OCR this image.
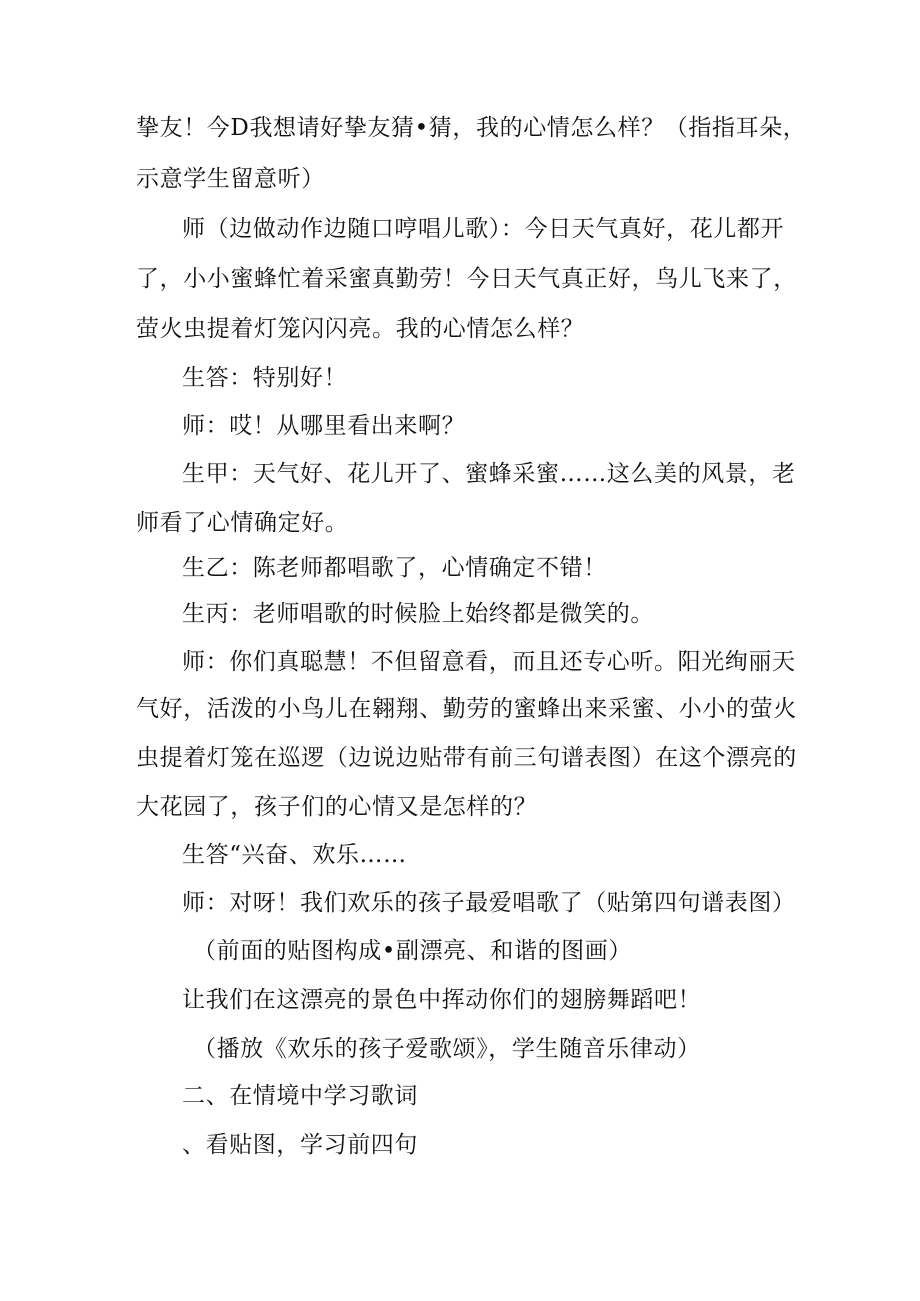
挚友！今D我想请好挚友猜•猜，我的心情怎么样？（指指耳朵，
示意学生留意听）
师（边做动作边随口哼唱儿歌）：今日天气真好，花儿都开
了，小小蜜蜂忙着采蜜真勤劳！今日天气真正好，鸟儿飞来了，
萤火虫提着灯笼闪闪亮。我的心情怎么样？
生答：特别好！
师：哎！从哪里看出来啊？
生甲：天气好、花儿开了、蜜蜂采蜜……这么美的风景，老
师看了心情确定好。
生乙：陈老师都唱歌了，心情确定不错！
生丙：老师唱歌的时候脸上始终都是微笑的。
师：你们真聪慧！不但留意看，而且还专心听。阳光绚丽天
气好，活泼的小鸟儿在翱翔、勤劳的蜜蜂出来采蜜、小小的萤火
虫提着灯笼在巡逻（边说边贴带有前三句谱表图）在这个漂亮的
大花园了，孩子们的心情又是怎样的？
生答“兴奋、欢乐……
师：对呀！我们欢乐的孩子最爱唱歌了（贴第四句谱表图）
（前面的贴图构成•副漂亮、和谐的图画）
让我们在这漂亮的景色中挥动你们的翅膀舞蹈吧！
（播放《欢乐的孩子爱歌颂》，学生随音乐律动）
二、在情境中学习歌词
、看贴图，学习前四句
